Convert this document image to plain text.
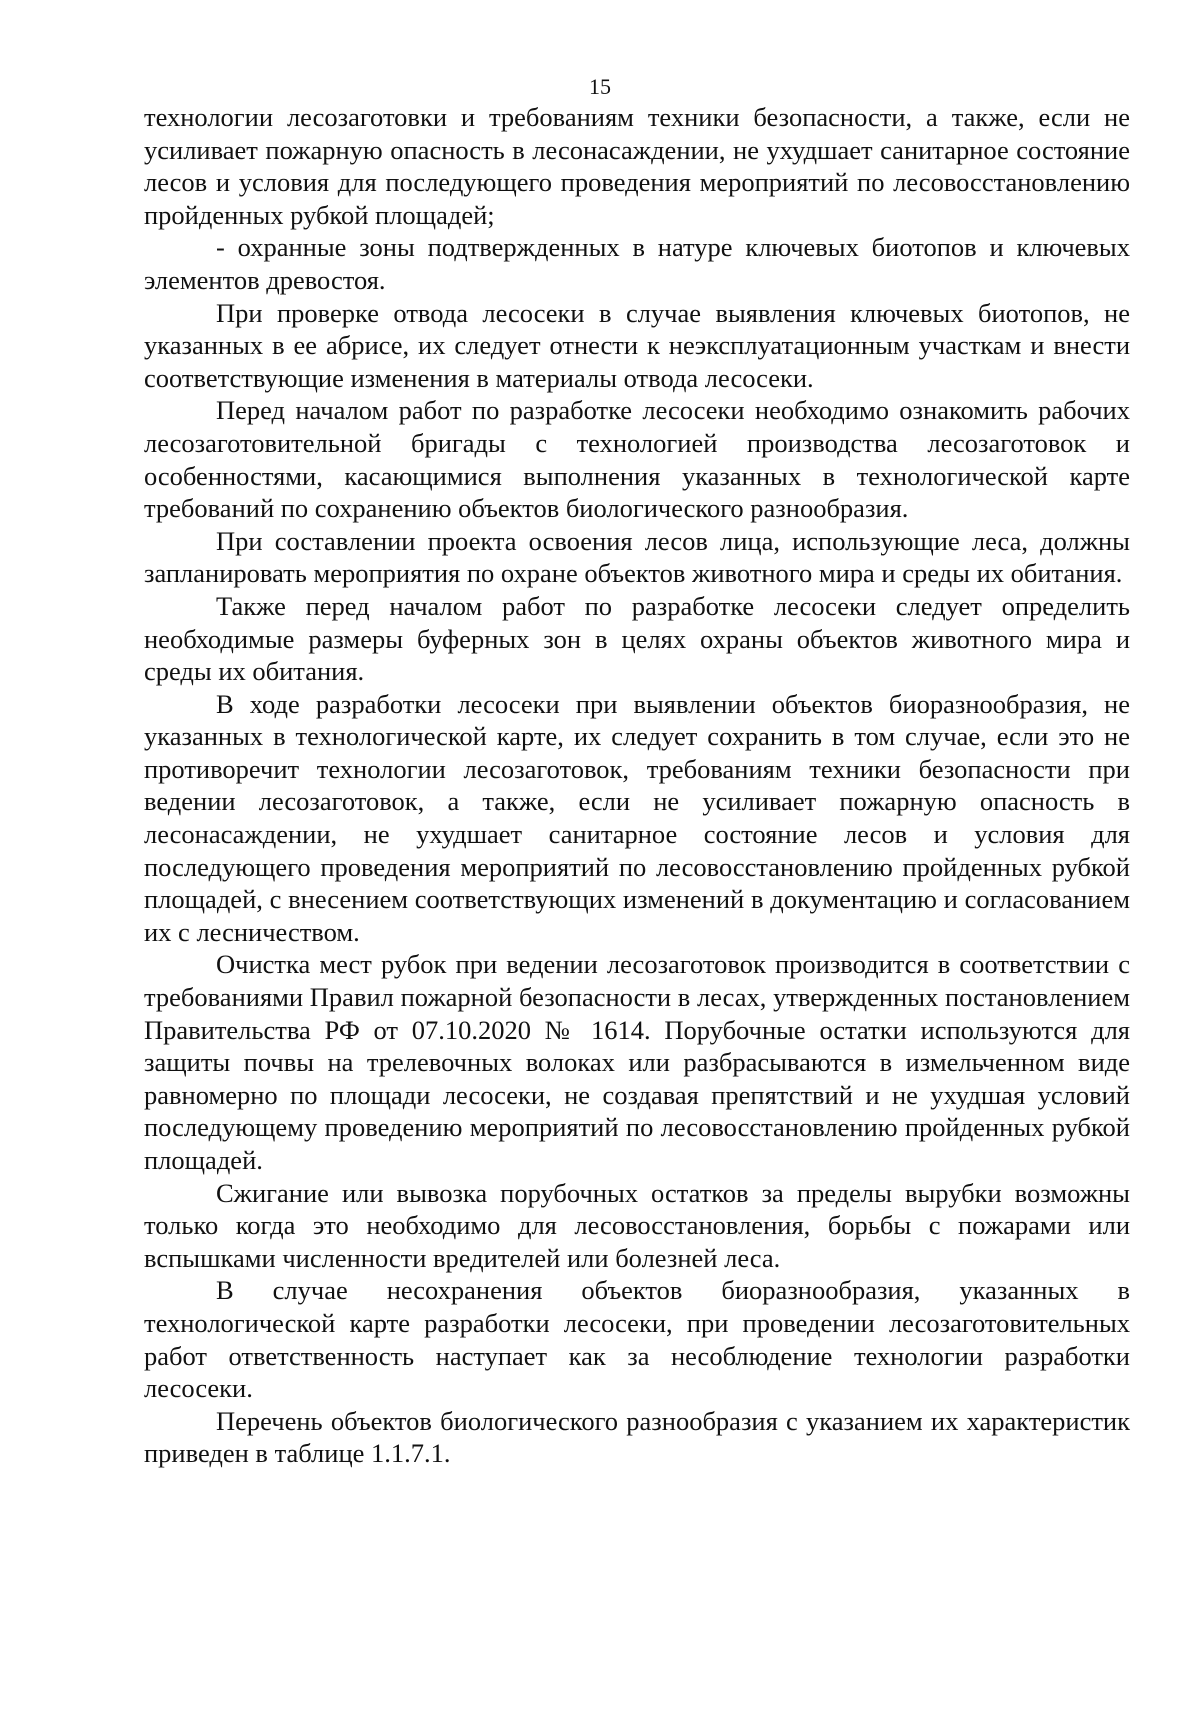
15

технологии лесозаготовки и требованиям техники безопасности, а также, если не усиливает пожарную опасность в лесонасаждении, не ухудшает санитарное состояние лесов и условия для последующего проведения мероприятий по лесовосстановлению пройденных рубкой площадей;

- охранные зоны подтвержденных в натуре ключевых биотопов и ключевых элементов древостоя.

При проверке отвода лесосеки в случае выявления ключевых биотопов, не указанных в ее абрисе, их следует отнести к неэксплуатационным участкам и внести соответствующие изменения в материалы отвода лесосеки.

Перед началом работ по разработке лесосеки необходимо ознакомить рабочих лесозаготовительной бригады с технологией производства лесозаготовок и особенностями, касающимися выполнения указанных в технологической карте требований по сохранению объектов биологического разнообразия.

При составлении проекта освоения лесов лица, использующие леса, должны запланировать мероприятия по охране объектов животного мира и среды их обитания.

Также перед началом работ по разработке лесосеки следует определить необходимые размеры буферных зон в целях охраны объектов животного мира и среды их обитания.

В ходе разработки лесосеки при выявлении объектов биоразнообразия, не указанных в технологической карте, их следует сохранить в том случае, если это не противоречит технологии лесозаготовок, требованиям техники безопасности при ведении лесозаготовок, а также, если не усиливает пожарную опасность в лесонасаждении, не ухудшает санитарное состояние лесов и условия для последующего проведения мероприятий по лесовосстановлению пройденных рубкой площадей, с внесением соответствующих изменений в документацию и согласованием их с лесничеством.

Очистка мест рубок при ведении лесозаготовок производится в соответствии с требованиями Правил пожарной безопасности в лесах, утвержденных постановлением Правительства РФ от 07.10.2020 № 1614. Порубочные остатки используются для защиты почвы на трелевочных волоках или разбрасываются в измельченном виде равномерно по площади лесосеки, не создавая препятствий и не ухудшая условий последующему проведению мероприятий по лесовосстановлению пройденных рубкой площадей.

Сжигание или вывозка порубочных остатков за пределы вырубки возможны только когда это необходимо для лесовосстановления, борьбы с пожарами или вспышками численности вредителей или болезней леса.

В случае несохранения объектов биоразнообразия, указанных в технологической карте разработки лесосеки, при проведении лесозаготовительных работ ответственность наступает как за несоблюдение технологии разработки лесосеки.

Перечень объектов биологического разнообразия с указанием их характеристик приведен в таблице 1.1.7.1.
